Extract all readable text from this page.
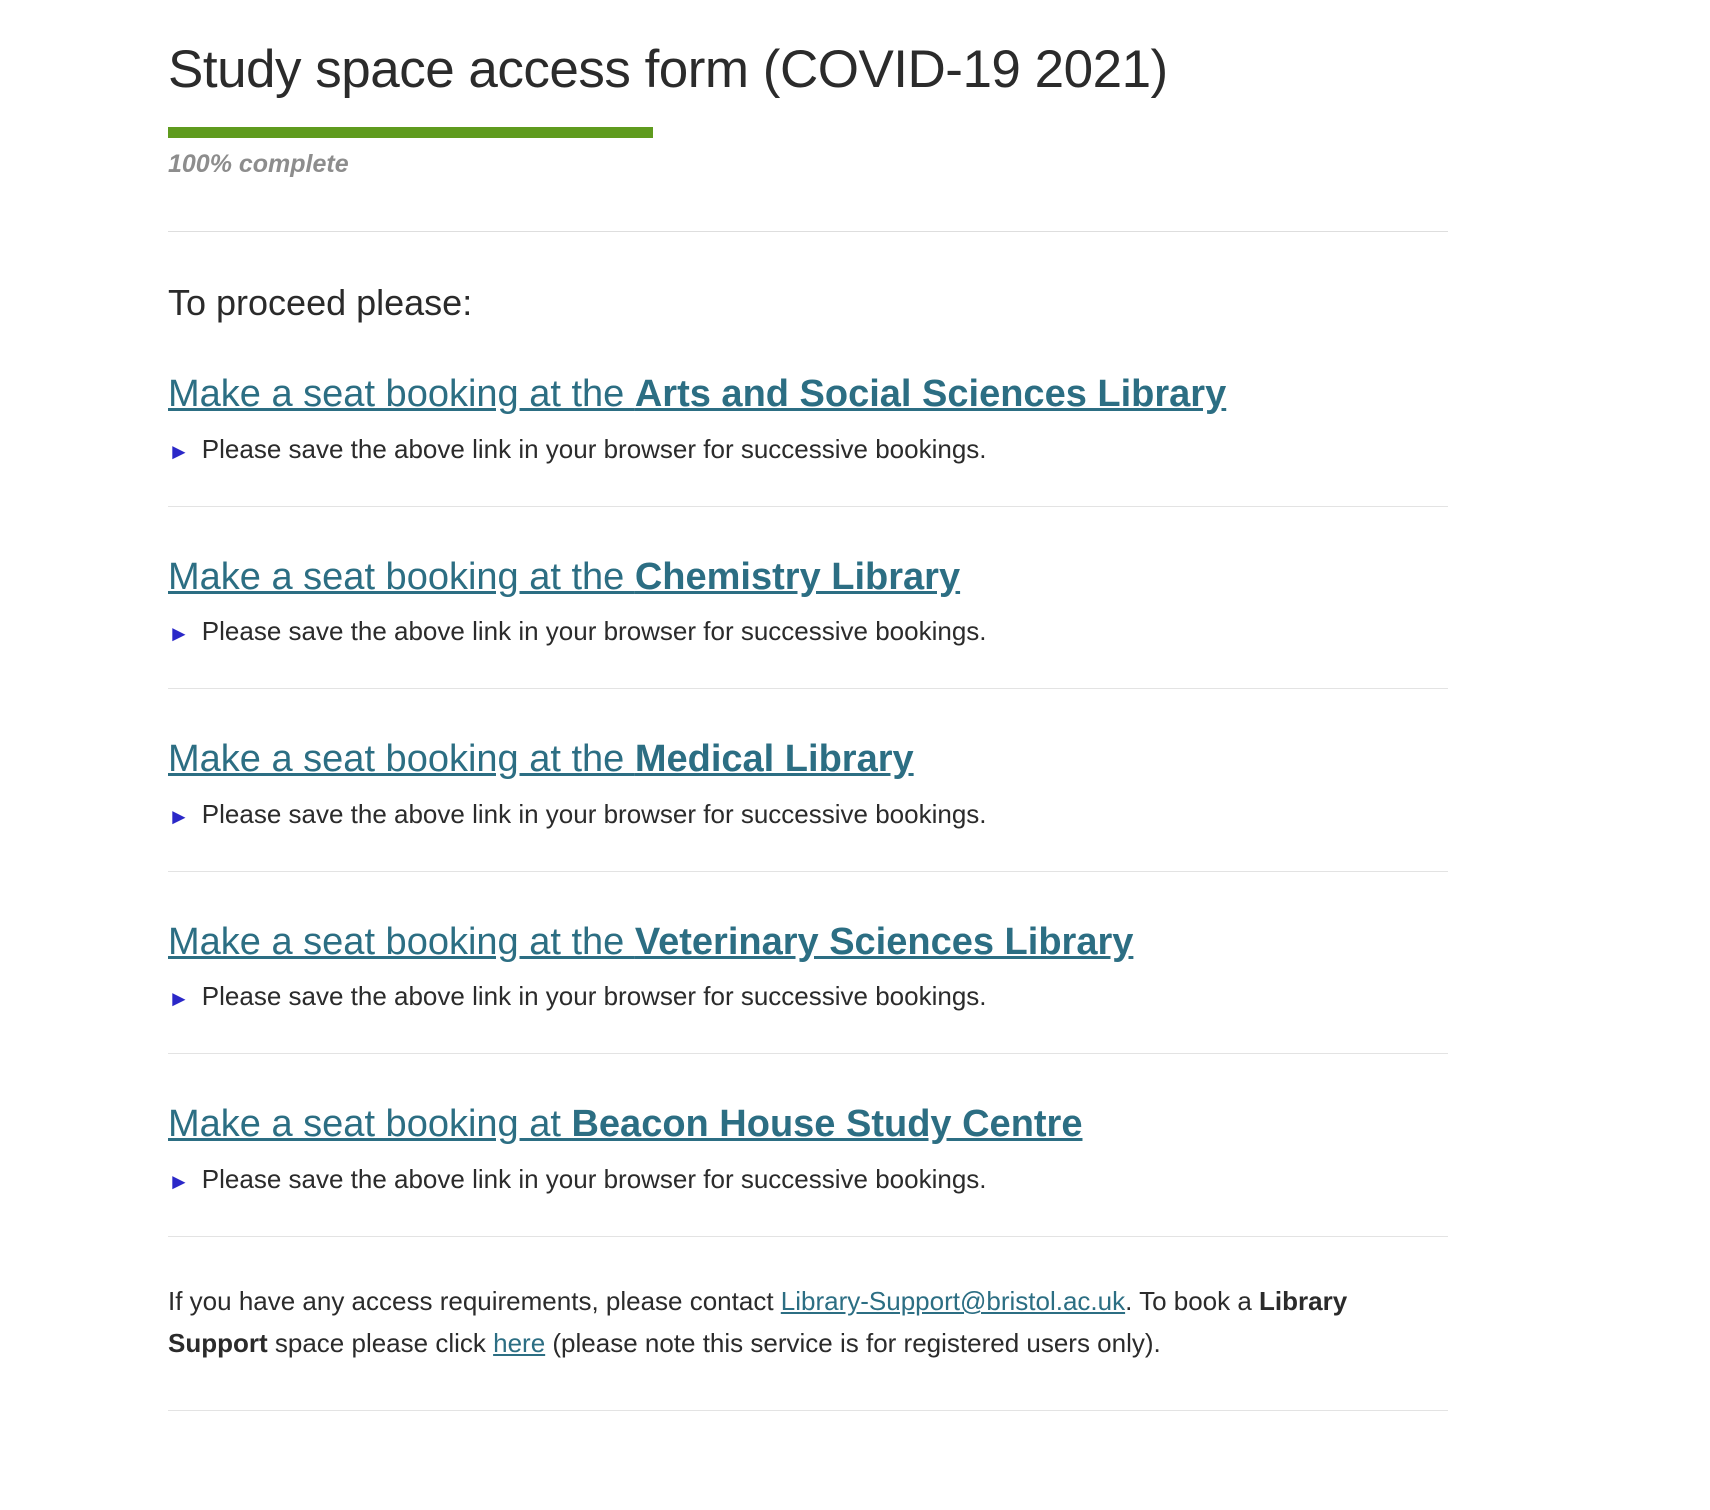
Study space access form (COVID-19 2021)
100% complete
To proceed please:
Make a seat booking at the Arts and Social Sciences Library
► Please save the above link in your browser for successive bookings.
Make a seat booking at the Chemistry Library
► Please save the above link in your browser for successive bookings.
Make a seat booking at the Medical Library
► Please save the above link in your browser for successive bookings.
Make a seat booking at the Veterinary Sciences Library
► Please save the above link in your browser for successive bookings.
Make a seat booking at Beacon House Study Centre
► Please save the above link in your browser for successive bookings.

If you have any access requirements, please contact Library-Support@bristol.ac.uk. To book a Library Support space please click here (please note this service is for registered users only).
